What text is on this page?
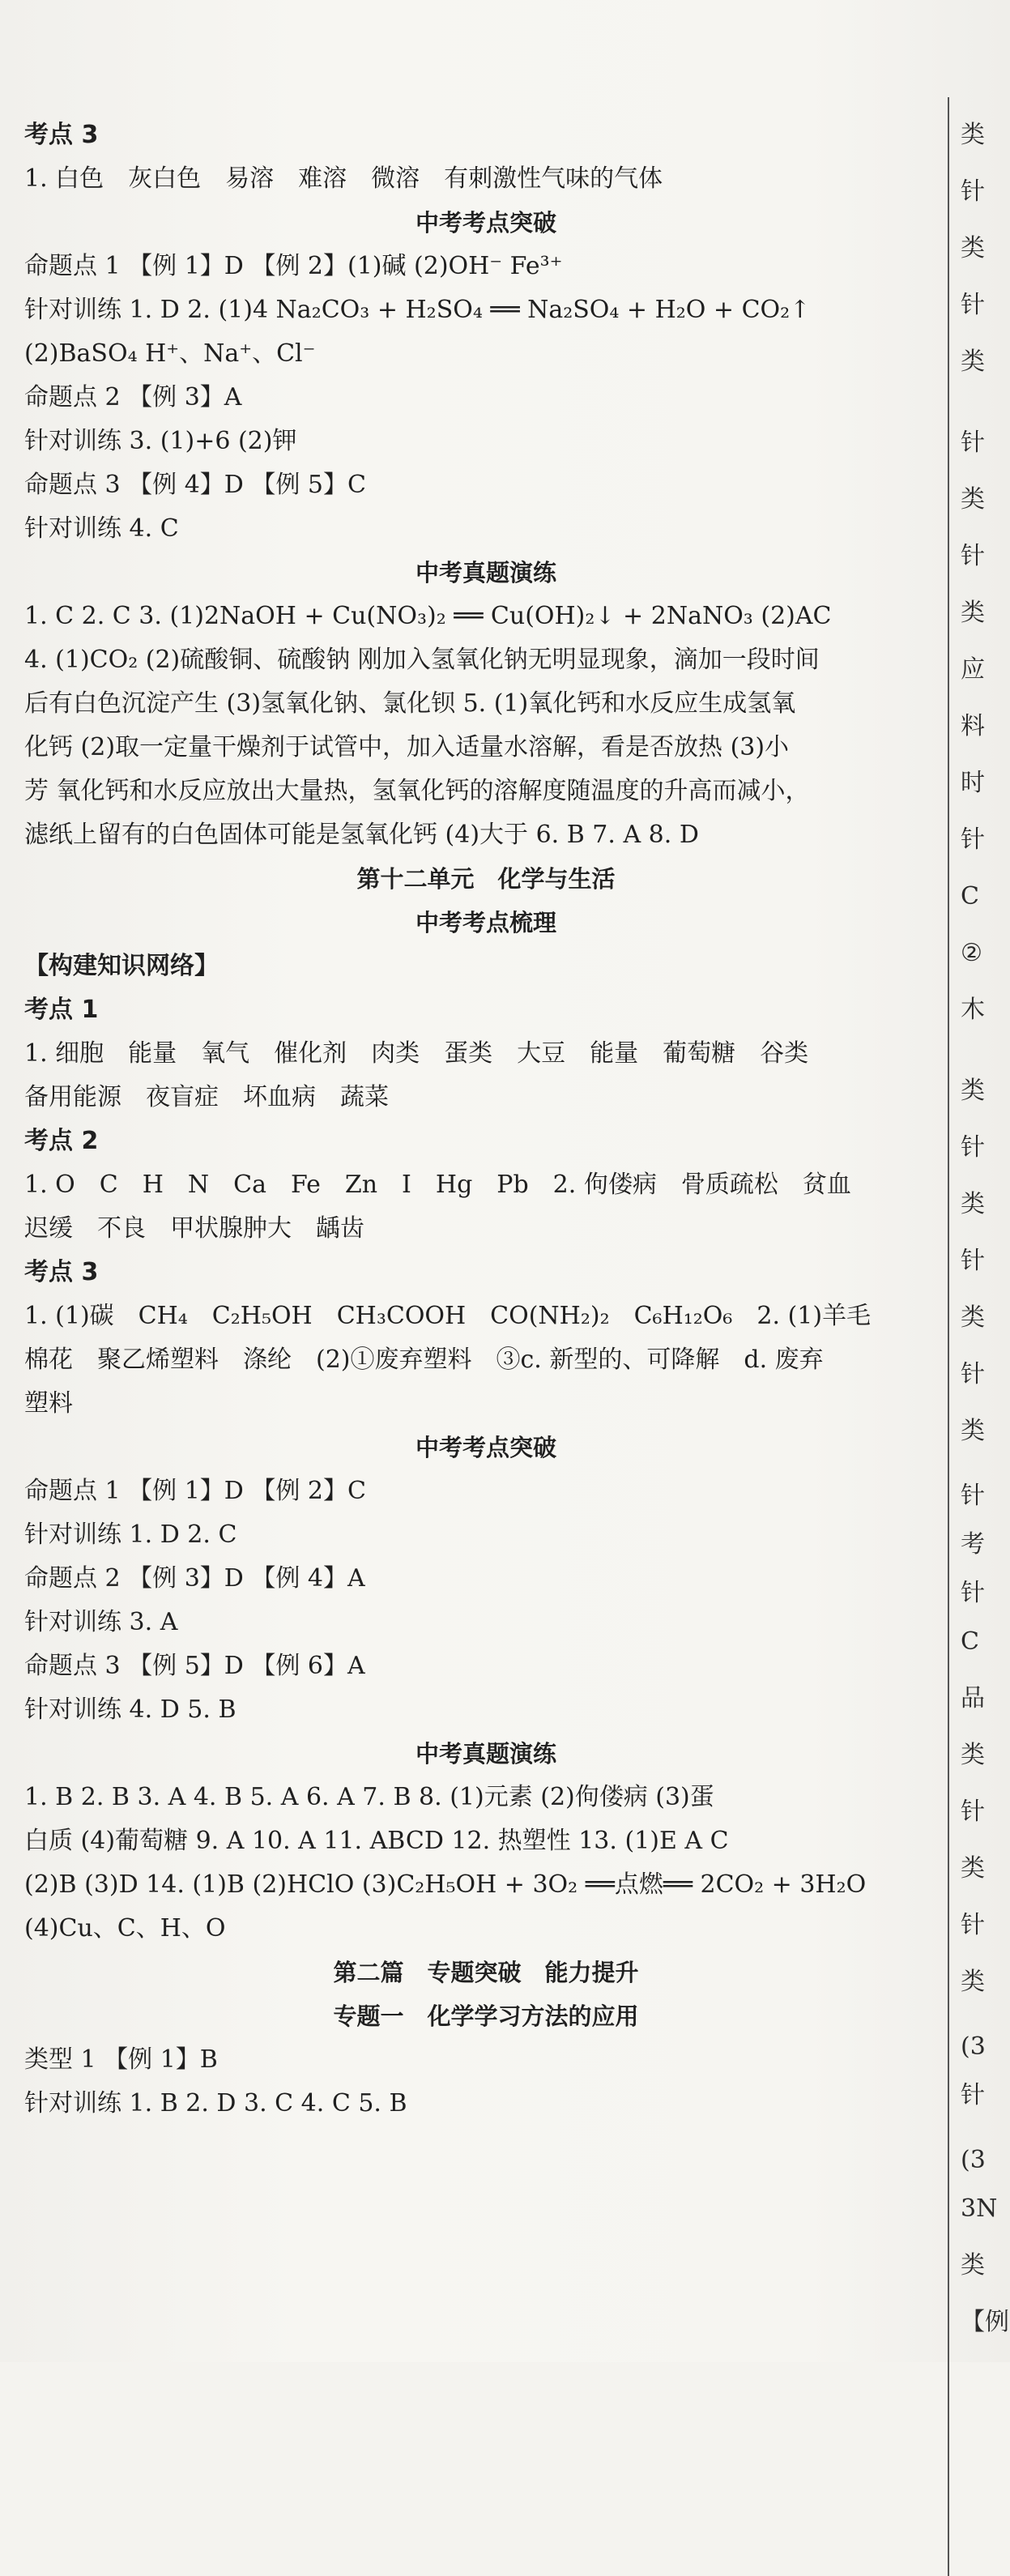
考点 3
1. 白色　灰白色　易溶　难溶　微溶　有刺激性气味的气体
中考考点突破
命题点 1 【例 1】D 【例 2】(1)碱 (2)OH⁻ Fe³⁺
针对训练 1. D 2. (1)4 Na₂CO₃ + H₂SO₄ ══ Na₂SO₄ + H₂O + CO₂↑
(2)BaSO₄ H⁺、Na⁺、Cl⁻
命题点 2 【例 3】A
针对训练 3. (1)+6 (2)钾
命题点 3 【例 4】D 【例 5】C
针对训练 4. C
中考真题演练
1. C 2. C 3. (1)2NaOH + Cu(NO₃)₂ ══ Cu(OH)₂↓ + 2NaNO₃ (2)AC
4. (1)CO₂ (2)硫酸铜、硫酸钠 刚加入氢氧化钠无明显现象，滴加一段时间
后有白色沉淀产生 (3)氢氧化钠、氯化钡 5. (1)氧化钙和水反应生成氢氧
化钙 (2)取一定量干燥剂于试管中，加入适量水溶解，看是否放热 (3)小
芳 氧化钙和水反应放出大量热，氢氧化钙的溶解度随温度的升高而减小，
滤纸上留有的白色固体可能是氢氧化钙 (4)大于 6. B 7. A 8. D
第十二单元　化学与生活
中考考点梳理
【构建知识网络】
考点 1
1. 细胞　能量　氧气　催化剂　肉类　蛋类　大豆　能量　葡萄糖　谷类
备用能源　夜盲症　坏血病　蔬菜
考点 2
1. O　C　H　N　Ca　Fe　Zn　I　Hg　Pb　2. 佝偻病　骨质疏松　贫血
迟缓　不良　甲状腺肿大　龋齿
考点 3
1. (1)碳　CH₄　C₂H₅OH　CH₃COOH　CO(NH₂)₂　C₆H₁₂O₆　2. (1)羊毛
棉花　聚乙烯塑料　涤纶　(2)①废弃塑料　③c. 新型的、可降解　d. 废弃
塑料
中考考点突破
命题点 1 【例 1】D 【例 2】C
针对训练 1. D 2. C
命题点 2 【例 3】D 【例 4】A
针对训练 3. A
命题点 3 【例 5】D 【例 6】A
针对训练 4. D 5. B
中考真题演练
1. B 2. B 3. A 4. B 5. A 6. A 7. B 8. (1)元素 (2)佝偻病 (3)蛋
白质 (4)葡萄糖 9. A 10. A 11. ABCD 12. 热塑性 13. (1)E A C
(2)B (3)D 14. (1)B (2)HClO (3)C₂H₅OH + 3O₂ ══点燃══ 2CO₂ + 3H₂O
(4)Cu、C、H、O
第二篇　专题突破　能力提升
专题一　化学学习方法的应用
类型 1 【例 1】B
针对训练 1. B 2. D 3. C 4. C 5. B
类
针
类
针
类
针
类
针
类
应
料
时
针
C
②
木
类
针
类
针
类
针
类
针
考
针
C
品
类
针
类
针
类
(3
针
(3
3N
类
【例
